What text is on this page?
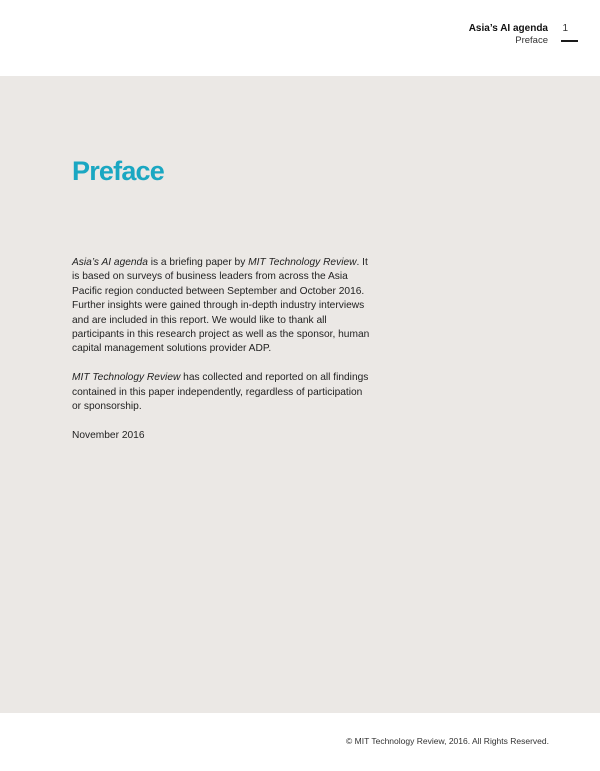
Asia’s AI agenda
Preface
1
Preface

Asia’s AI agenda is a briefing paper by MIT Technology Review. It is based on surveys of business leaders from across the Asia Pacific region conducted between September and October 2016. Further insights were gained through in-depth industry interviews and are included in this report. We would like to thank all participants in this research project as well as the sponsor, human capital management solutions provider ADP.

MIT Technology Review has collected and reported on all findings contained in this paper independently, regardless of participation or sponsorship.

November 2016

© MIT Technology Review, 2016. All Rights Reserved.
